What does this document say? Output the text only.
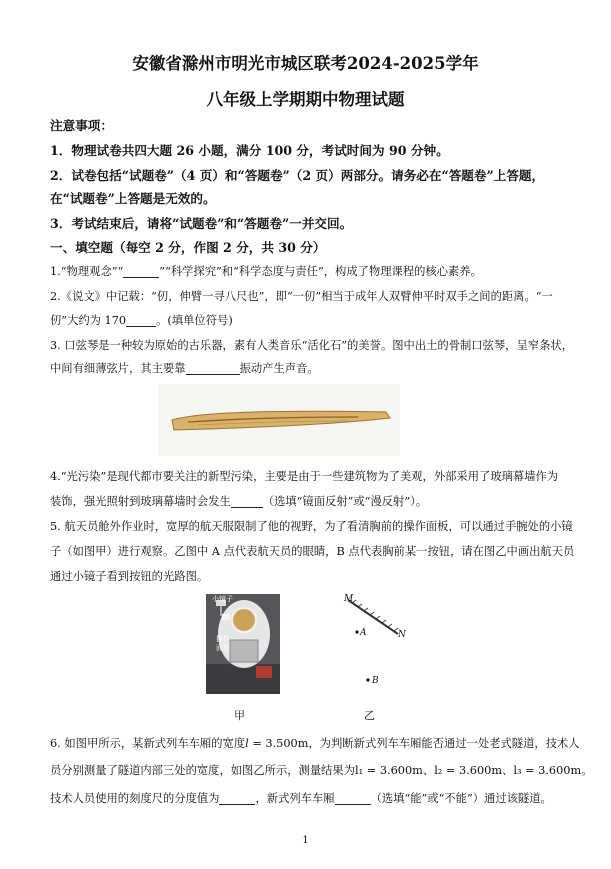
安徽省滁州市明光市城区联考2024-2025学年
八年级上学期期中物理试题
注意事项：
1．物理试卷共四大题 26 小题，满分 100 分，考试时间为 90 分钟。
2．试卷包括“试题卷”（4 页）和“答题卷”（2 页）两部分。请务必在“答题卷”上答题，
在“试题卷”上答题是无效的。
3．考试结束后，请将“试题卷”和“答题卷”一并交回。
一、填空题（每空 2 分，作图 2 分，共 30 分）
1.“物理观念”“	”“科学探究”和“科学态度与责任”，构成了物理课程的核心素养。
2.《说文》中记载：“仞，伸臂一寻八尺也”，即“一仞”相当于成年人双臂伸平时双手之间的距离。“一
仞”大约为 170	。(填单位符号)
3. 口弦琴是一种较为原始的古乐器，素有人类音乐“活化石”的美誉。图中出土的骨制口弦琴，呈窄条状，
中间有细薄弦片，其主要靠	振动产生声音。
4.“光污染”是现代都市要关注的新型污染，主要是由于一些建筑物为了美观，外部采用了玻璃幕墙作为
装饰，强光照射到玻璃幕墙时会发生	（选填“镜面反射”或“漫反射”）。
5. 航天员舱外作业时，宽厚的航天服限制了他的视野，为了看清胸前的操作面板，可以通过手腕处的小镜
子（如图甲）进行观察。乙图中 A 点代表航天员的眼睛，B 点代表胸前某一按钮，请在图乙中画出航天员
通过小镜子看到按钮的光路图。
小镜子
操作
面板
M
N
A
B
甲	乙
6. 如图甲所示，某新式列车车厢的宽度l = 3.500m，为判断新式列车车厢能否通过一处老式隧道，技术人
员分别测量了隧道内部三处的宽度，如图乙所示，测量结果为l₁ = 3.600m、l₂ = 3.600m、l₃ = 3.600m。
技术人员使用的刻度尺的分度值为	，新式列车车厢	（选填“能”或“不能”）通过该隧道。
1
